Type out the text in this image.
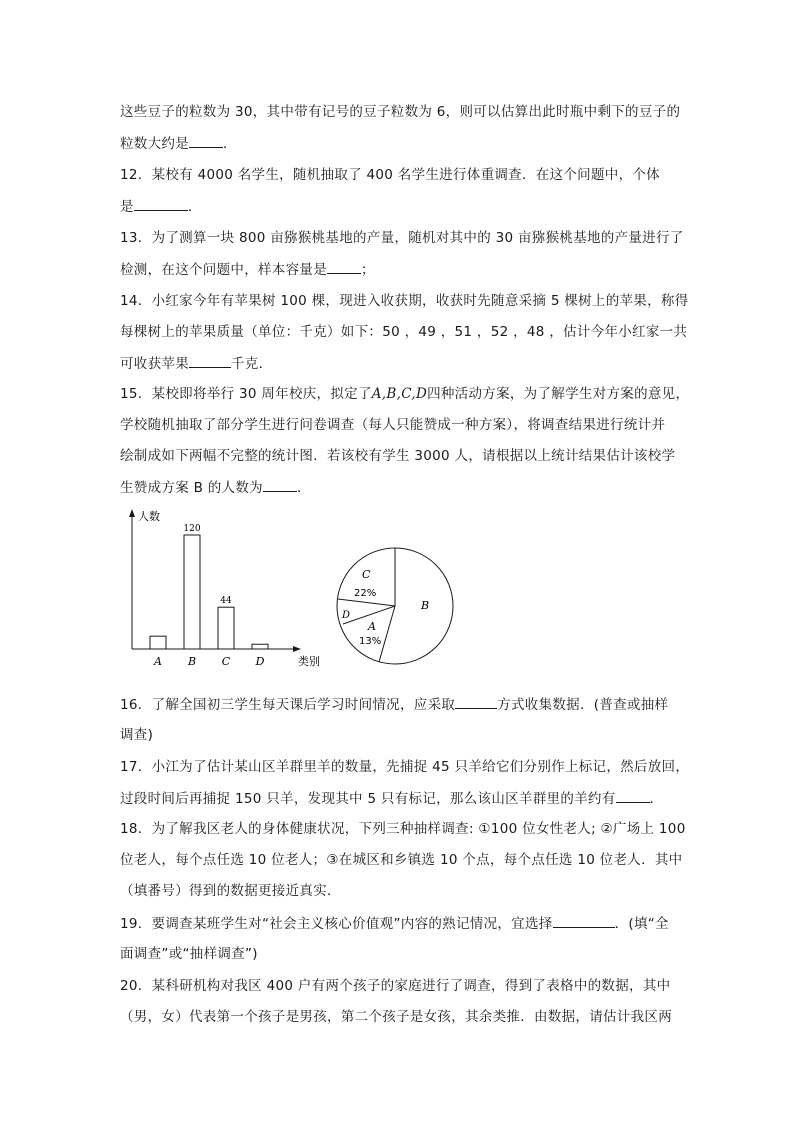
这些豆子的粒数为 30，其中带有记号的豆子粒数为 6，则可以估算出此时瓶中剩下的豆子的
粒数大约是	．
12．某校有 4000 名学生，随机抽取了 400 名学生进行体重调查．在这个问题中，个体
是	．
13．为了测算一块 800 亩猕猴桃基地的产量，随机对其中的 30 亩猕猴桃基地的产量进行了
检测，在这个问题中，样本容量是	；
14．小红家今年有苹果树 100 棵，现进入收获期，收获时先随意采摘 5 棵树上的苹果，称得
每棵树上的苹果质量（单位：千克）如下：50 ，49 ，51 ，52 ，48 ，估计今年小红家一共
可收获苹果	千克．
15．某校即将举行 30 周年校庆，拟定了A,B,C,D四种活动方案，为了解学生对方案的意见，
学校随机抽取了部分学生进行问卷调查（每人只能赞成一种方案），将调查结果进行统计并
绘制成如下两幅不完整的统计图．若该校有学生 3000 人，请根据以上统计结果估计该校学
生赞成方案 B 的人数为	．
人数
类别
A
120
B
44
C D
B
C
22%
D
A
13%
16．了解全国初三学生每天课后学习时间情况，应采取	方式收集数据．(普查或抽样
调查)
17．小江为了估计某山区羊群里羊的数量，先捕捉 45 只羊给它们分别作上标记，然后放回，
过段时间后再捕捉 150 只羊，发现其中 5 只有标记，那么该山区羊群里的羊约有	．
18．为了解我区老人的身体健康状况，下列三种抽样调查: ①100 位女性老人; ②广场上 100
位老人，每个点任选 10 位老人；③在城区和乡镇选 10 个点，每个点任选 10 位老人．其中
（填番号）得到的数据更接近真实．
19．要调查某班学生对“社会主义核心价值观”内容的熟记情况，宜选择	．(填“全
面调查”或“抽样调查”)
20．某科研机构对我区 400 户有两个孩子的家庭进行了调查，得到了表格中的数据，其中
（男，女）代表第一个孩子是男孩，第二个孩子是女孩，其余类推．由数据，请估计我区两
